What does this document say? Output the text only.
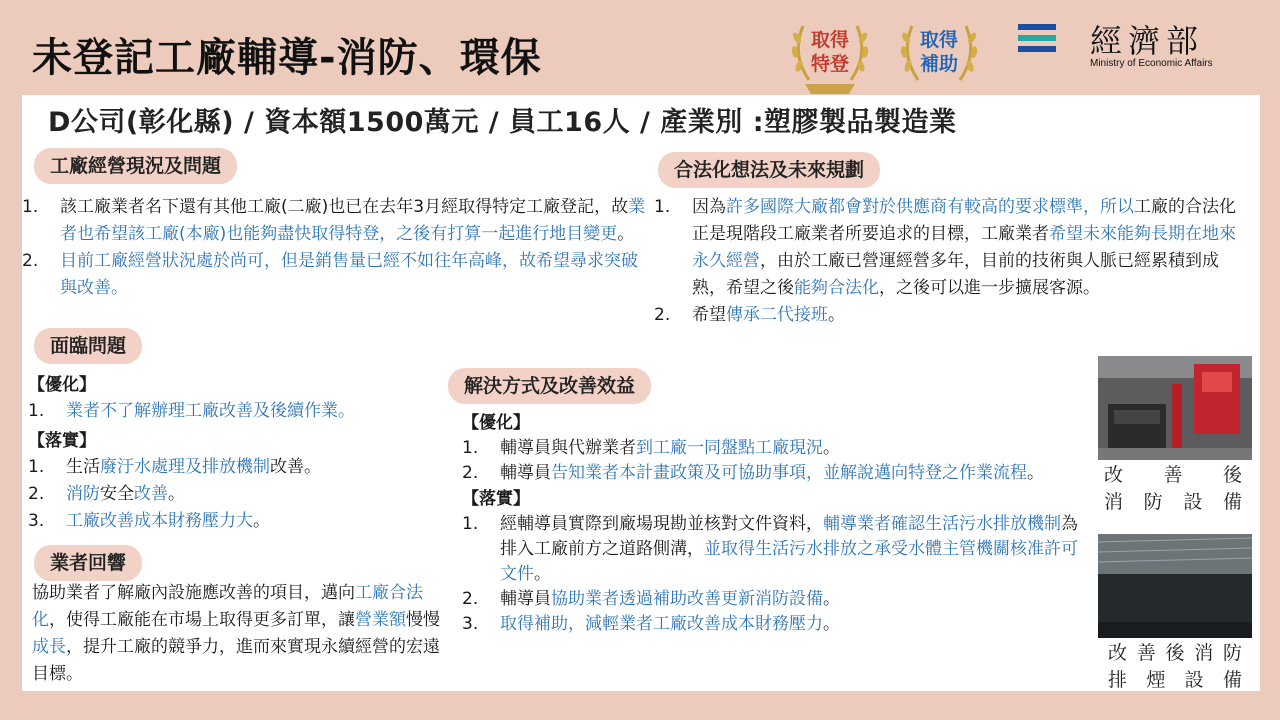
未登記工廠輔導-消防、環保	取得
特登
取得
補助
經濟部
Ministry of Economic Affairs
D公司(彰化縣) / 資本額1500萬元 / 員工16人 / 產業別 :塑膠製品製造業
工廠經營現況及問題	合法化想法及未來規劃
面臨問題
解決方式及改善效益
業者回響
1. 該工廠業者名下還有其他工廠(二廠)也已在去年3月經取得特定工廠登記，故業者也希望該工廠(本廠)也能夠盡快取得特登，之後有打算一起進行地目變更。
2. 目前工廠經營狀況處於尚可，但是銷售量已經不如往年高峰，故希望尋求突破與改善。
1. 因為許多國際大廠都會對於供應商有較高的要求標準，所以工廠的合法化正是現階段工廠業者所要追求的目標，工廠業者希望未來能夠長期在地來永久經營，由於工廠已營運經營多年，目前的技術與人脈已經累積到成熟，希望之後能夠合法化，之後可以進一步擴展客源。
2. 希望傳承二代接班。
【優化】
1. 業者不了解辦理工廠改善及後續作業。
【落實】
1. 生活廢汙水處理及排放機制改善。
2. 消防安全改善。
3. 工廠改善成本財務壓力大。
協助業者了解廠內設施應改善的項目，邁向工廠合法化，使得工廠能在市場上取得更多訂單，讓營業額慢慢成長，提升工廠的競爭力，進而來實現永續經營的宏遠目標。
【優化】
1. 輔導員與代辦業者到工廠一同盤點工廠現況。
2. 輔導員告知業者本計畫政策及可協助事項，並解說邁向特登之作業流程。
【落實】
1. 經輔導員實際到廠場現勘並核對文件資料，輔導業者確認生活污水排放機制為排入工廠前方之道路側溝，並取得生活污水排放之承受水體主管機關核准許可文件。
2. 輔導員協助業者透過補助改善更新消防設備。
3. 取得補助，減輕業者工廠改善成本財務壓力。
改善後
消防設備
改善後消防
排煙設備
